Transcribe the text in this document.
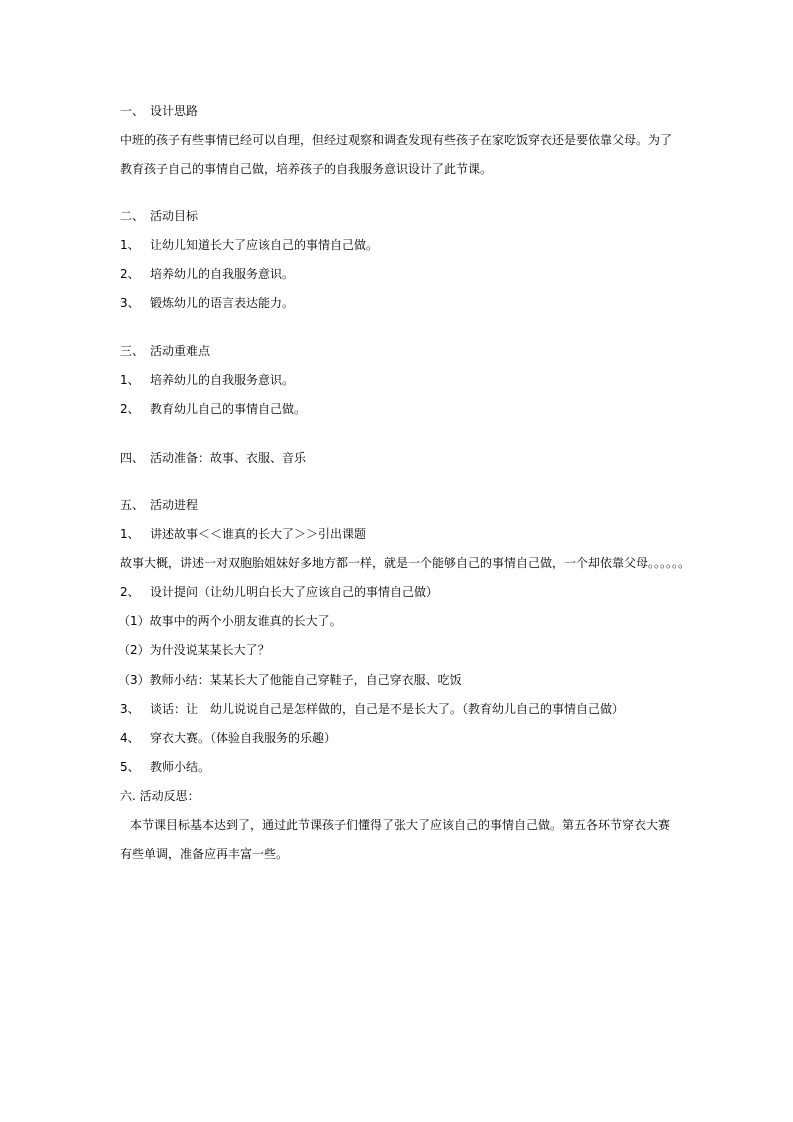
一、 设计思路

中班的孩子有些事情已经可以自理，但经过观察和调查发现有些孩子在家吃饭穿衣还是要依靠父母。为了

教育孩子自己的事情自己做，培养孩子的自我服务意识设计了此节课。

二、 活动目标

1、 让幼儿知道长大了应该自己的事情自己做。

2、 培养幼儿的自我服务意识。

3、 锻炼幼儿的语言表达能力。

三、 活动重难点

1、 培养幼儿的自我服务意识。

2、 教育幼儿自己的事情自己做。

四、 活动准备：故事、衣服、音乐

五、 活动进程

1、 讲述故事＜＜谁真的长大了＞＞引出课题

故事大概，讲述一对双胞胎姐妹好多地方都一样，就是一个能够自己的事情自己做，一个却依靠父母。。。。。。

2、 设计提问（让幼儿明白长大了应该自己的事情自己做）

（1）故事中的两个小朋友谁真的长大了。

（2）为什没说某某长大了？

（3）教师小结：某某长大了他能自己穿鞋子，自己穿衣服、吃饭

3、 谈话：让　幼儿说说自己是怎样做的，自己是不是长大了。（教育幼儿自己的事情自己做）

4、 穿衣大赛。（体验自我服务的乐趣）

5、 教师小结。

六. 活动反思：

本节课目标基本达到了，通过此节课孩子们懂得了张大了应该自己的事情自己做。第五各环节穿衣大赛

有些单调，准备应再丰富一些。
